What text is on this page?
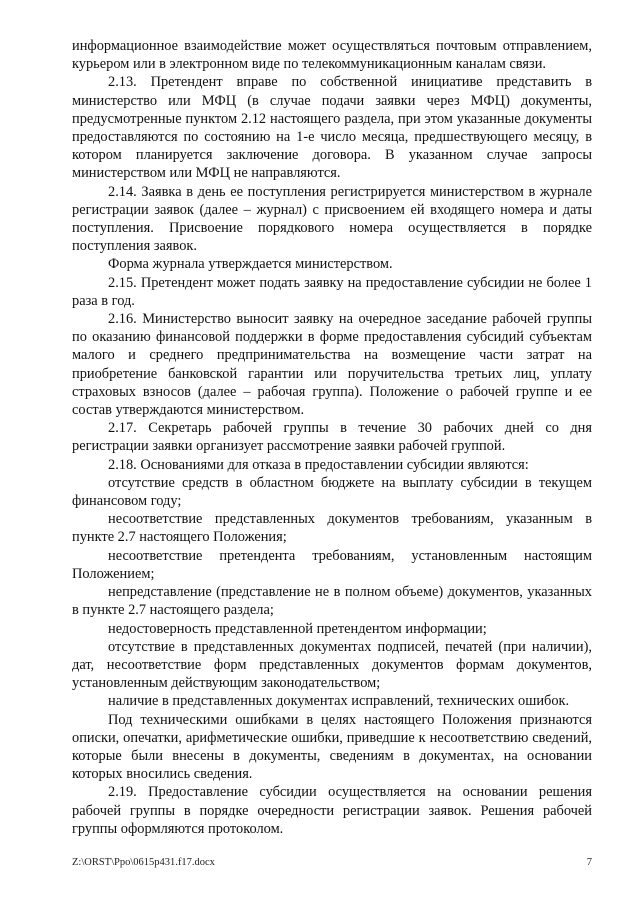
информационное взаимодействие может осуществляться почтовым отправлением, курьером или в электронном виде по телекоммуникационным каналам связи.

2.13. Претендент вправе по собственной инициативе представить в министерство или МФЦ (в случае подачи заявки через МФЦ) документы, предусмотренные пунктом 2.12 настоящего раздела, при этом указанные документы предоставляются по состоянию на 1-е число месяца, предшествующего месяцу, в котором планируется заключение договора. В указанном случае запросы министерством или МФЦ не направляются.

2.14. Заявка в день ее поступления регистрируется министерством в журнале регистрации заявок (далее – журнал) с присвоением ей входящего номера и даты поступления. Присвоение порядкового номера осуществляется в порядке поступления заявок.

Форма журнала утверждается министерством.

2.15. Претендент может подать заявку на предоставление субсидии не более 1 раза в год.

2.16. Министерство выносит заявку на очередное заседание рабочей группы по оказанию финансовой поддержки в форме предоставления субсидий субъектам малого и среднего предпринимательства на возмещение части затрат на приобретение банковской гарантии или поручительства третьих лиц, уплату страховых взносов (далее – рабочая группа). Положение о рабочей группе и ее состав утверждаются министерством.

2.17. Секретарь рабочей группы в течение 30 рабочих дней со дня регистрации заявки организует рассмотрение заявки рабочей группой.

2.18. Основаниями для отказа в предоставлении субсидии являются:

отсутствие средств в областном бюджете на выплату субсидии в текущем финансовом году;

несоответствие представленных документов требованиям, указанным в пункте 2.7 настоящего Положения;

несоответствие претендента требованиям, установленным настоящим Положением;

непредставление (представление не в полном объеме) документов, указанных в пункте 2.7 настоящего раздела;

недостоверность представленной претендентом информации;

отсутствие в представленных документах подписей, печатей (при наличии), дат, несоответствие форм представленных документов формам документов, установленным действующим законодательством;

наличие в представленных документах исправлений, технических ошибок.

Под техническими ошибками в целях настоящего Положения признаются описки, опечатки, арифметические ошибки, приведшие к несоответствию сведений, которые были внесены в документы, сведениям в документах, на основании которых вносились сведения.

2.19. Предоставление субсидии осуществляется на основании решения рабочей группы в порядке очередности регистрации заявок. Решения рабочей группы оформляются протоколом.

Z:\ORST\Ppo\0615p431.f17.docx	7
